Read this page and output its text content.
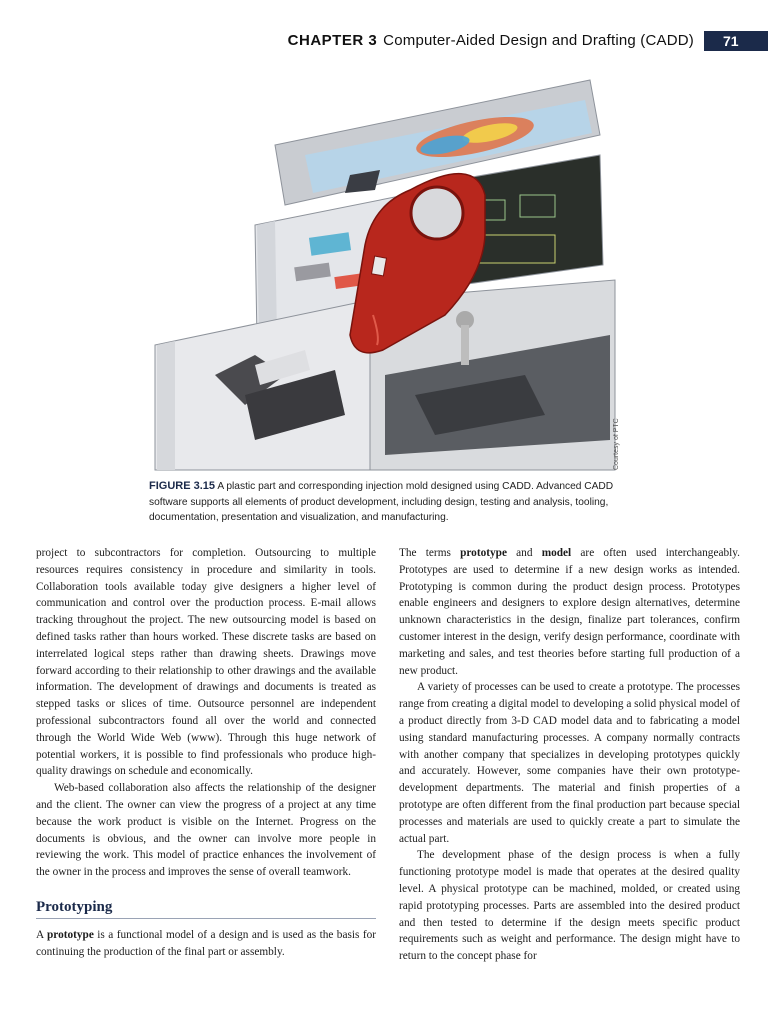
CHAPTER 3 Computer-Aided Design and Drafting (CADD)	71
Courtesy of PTC
FIGURE 3.15 A plastic part and corresponding injection mold designed using CADD. Advanced CADD software supports all elements of product development, including design, testing and analysis, tooling, documentation, presentation and visualization, and manufacturing.

project to subcontractors for completion. Outsourcing to multiple resources requires consistency in procedure and similarity in tools. Collaboration tools available today give designers a higher level of communication and control over the production process. E-mail allows tracking throughout the project. The new outsourcing model is based on defined tasks rather than hours worked. These discrete tasks are based on interrelated logical steps rather than drawing sheets. Drawings move forward according to their relationship to other drawings and the available information. The development of drawings and documents is treated as stepped tasks or slices of time. Outsource personnel are independent professional subcontractors found all over the world and connected through the World Wide Web (www). Through this huge network of potential workers, it is possible to find professionals who produce high-quality drawings on schedule and economically.

Web-based collaboration also affects the relationship of the designer and the client. The owner can view the progress of a project at any time because the work product is visible on the Internet. Progress on the documents is obvious, and the owner can involve more people in reviewing the work. This model of practice enhances the involvement of the owner in the process and improves the sense of overall teamwork.

Prototyping

A prototype is a functional model of a design and is used as the basis for continuing the production of the final part or assembly.

The terms prototype and model are often used interchangeably. Prototypes are used to determine if a new design works as intended. Prototyping is common during the product design process. Prototypes enable engineers and designers to explore design alternatives, determine unknown characteristics in the design, finalize part tolerances, confirm customer interest in the design, verify design performance, coordinate with marketing and sales, and test theories before starting full production of a new product.

A variety of processes can be used to create a prototype. The processes range from creating a digital model to developing a solid physical model of a product directly from 3-D CAD model data and to fabricating a model using standard manufacturing processes. A company normally contracts with another company that specializes in developing prototypes quickly and accurately. However, some companies have their own prototype-development departments. The material and finish properties of a prototype are often different from the final production part because special processes and materials are used to quickly create a part to simulate the actual part.

The development phase of the design process is when a fully functioning prototype model is made that operates at the desired quality level. A physical prototype can be machined, molded, or created using rapid prototyping processes. Parts are assembled into the desired product and then tested to determine if the design meets specific product requirements such as weight and performance. The design might have to return to the concept phase for
